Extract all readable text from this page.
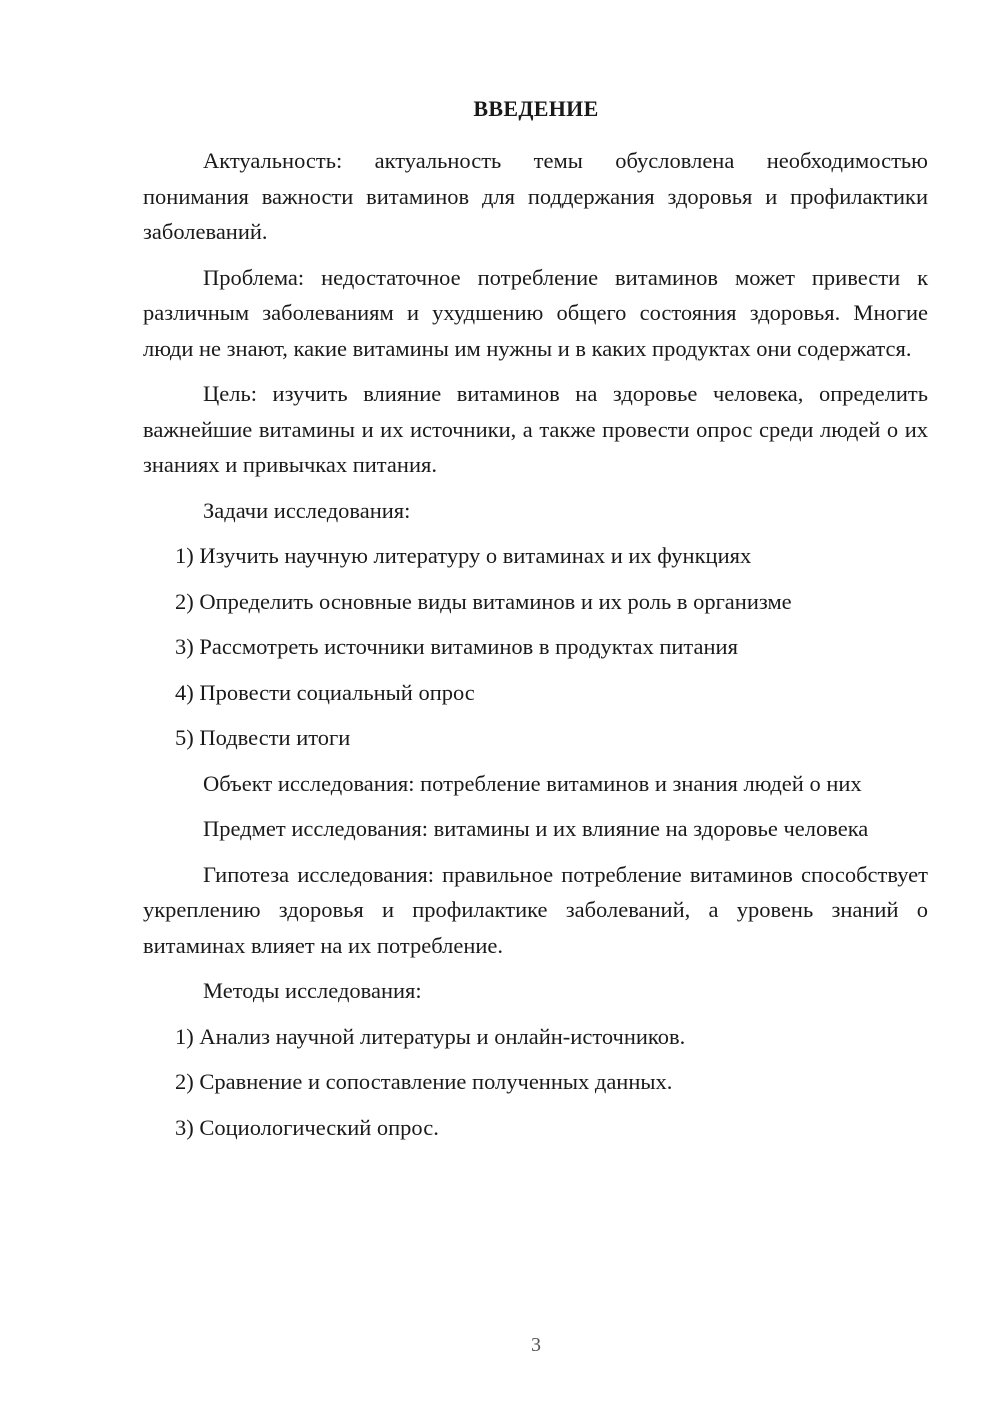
ВВЕДЕНИЕ

Актуальность: актуальность темы обусловлена необходимостью понимания важности витаминов для поддержания здоровья и профилактики заболеваний.

Проблема: недостаточное потребление витаминов может привести к различным заболеваниям и ухудшению общего состояния здоровья. Многие люди не знают, какие витамины им нужны и в каких продуктах они содержатся.

Цель: изучить влияние витаминов на здоровье человека, определить важнейшие витамины и их источники, а также провести опрос среди людей о их знаниях и привычках питания.

Задачи исследования:

1) Изучить научную литературу о витаминах и их функциях

2) Определить основные виды витаминов и их роль в организме

3) Рассмотреть источники витаминов в продуктах питания

4) Провести социальный опрос

5) Подвести итоги

Объект исследования: потребление витаминов и знания людей о них

Предмет исследования: витамины и их влияние на здоровье человека

Гипотеза исследования: правильное потребление витаминов способствует укреплению здоровья и профилактике заболеваний, а уровень знаний о витаминах влияет на их потребление.

Методы исследования:

1) Анализ научной литературы и онлайн-источников.

2) Сравнение и сопоставление полученных данных.

3) Социологический опрос.

3
